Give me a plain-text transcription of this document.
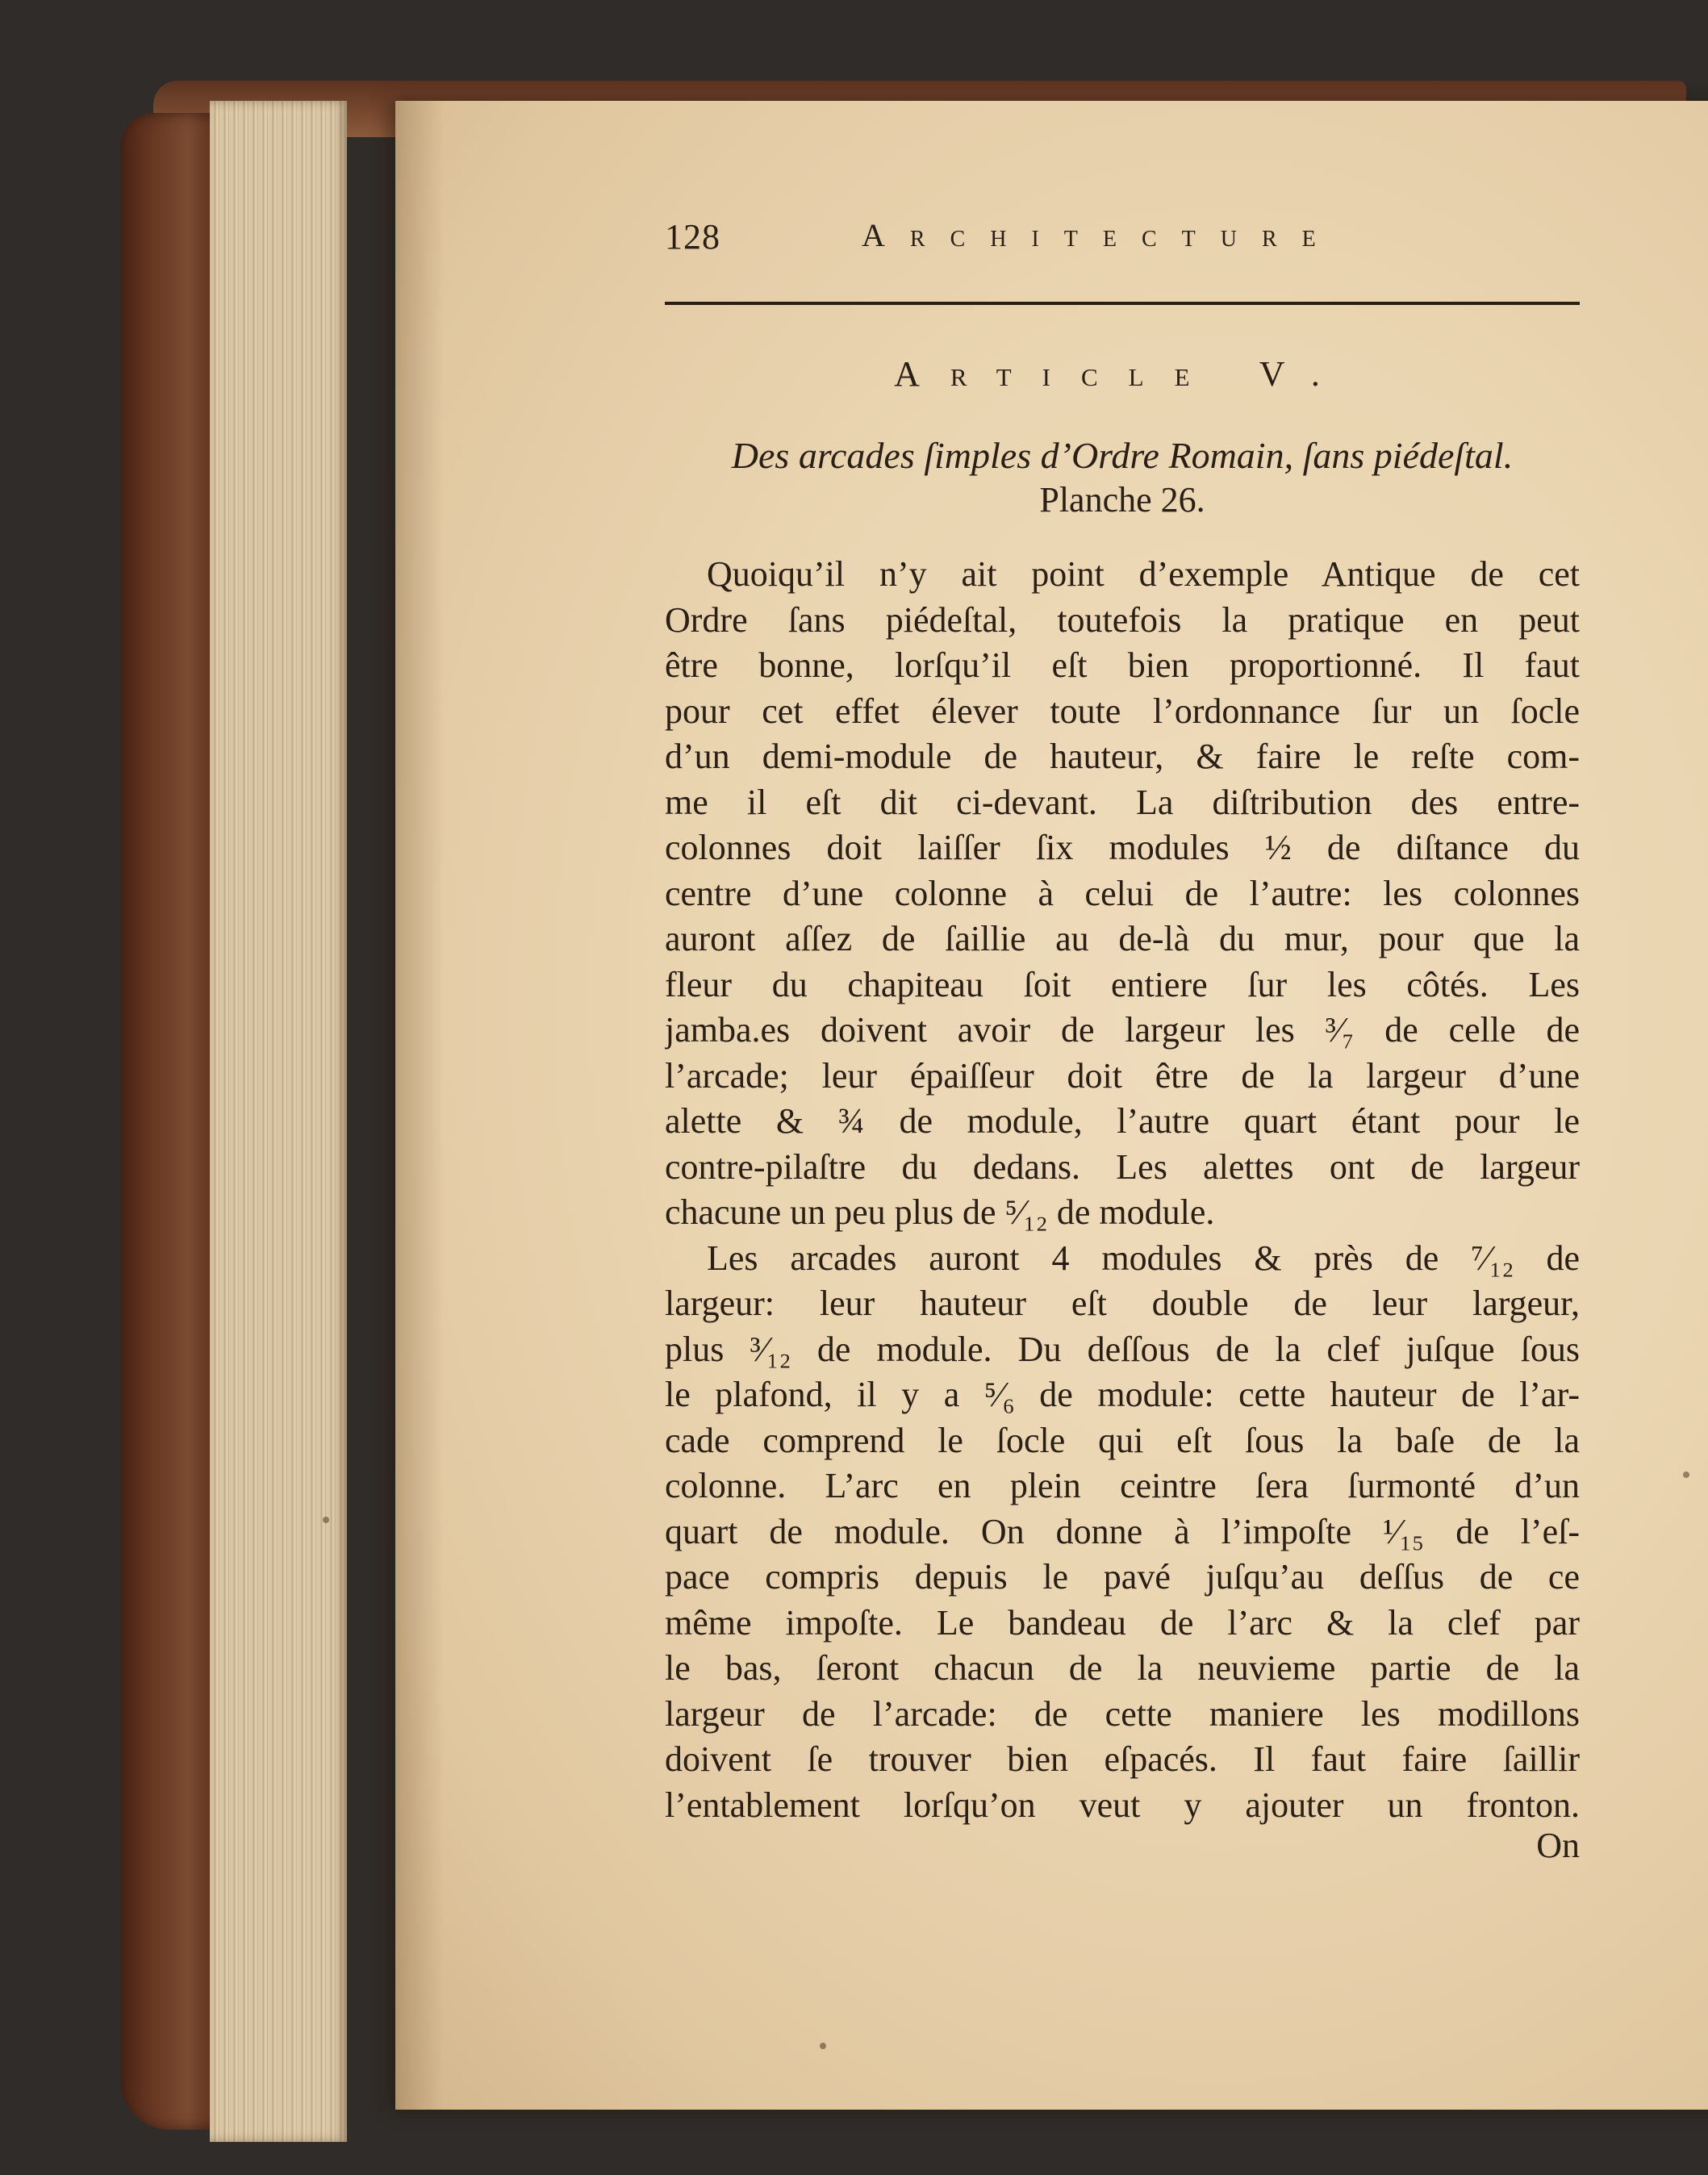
128	Architecture
Article V.
Des arcades ſimples d’Ordre Romain, ſans piédeſtal.
Planche 26.
Quoiqu’il n’y ait point d’exemple Antique de cet
Ordre ſans piédeſtal, toutefois la pratique en peut
être bonne, lorſqu’il eſt bien proportionné. Il faut
pour cet effet élever toute l’ordonnance ſur un ſocle
d’un demi-module de hauteur, & faire le reſte com-
me il eſt dit ci-devant. La diſtribution des entre-
colonnes doit laiſſer ſix modules ½ de diſtance du
centre d’une colonne à celui de l’autre: les colonnes
auront aſſez de ſaillie au de-là du mur, pour que la
fleur du chapiteau ſoit entiere ſur les côtés. Les
jamba.es doivent avoir de largeur les ³⁄₇ de celle de
l’arcade; leur épaiſſeur doit être de la largeur d’une
alette & ¾ de module, l’autre quart étant pour le
contre-pilaſtre du dedans. Les alettes ont de largeur
chacune un peu plus de ⁵⁄₁₂ de module.
Les arcades auront 4 modules & près de ⁷⁄₁₂ de
largeur: leur hauteur eſt double de leur largeur,
plus ³⁄₁₂ de module. Du deſſous de la clef juſque ſous
le plafond, il y a ⁵⁄₆ de module: cette hauteur de l’ar-
cade comprend le ſocle qui eſt ſous la baſe de la
colonne. L’arc en plein ceintre ſera ſurmonté d’un
quart de module. On donne à l’impoſte ¹⁄₁₅ de l’eſ-
pace compris depuis le pavé juſqu’au deſſus de ce
même impoſte. Le bandeau de l’arc & la clef par
le bas, ſeront chacun de la neuvieme partie de la
largeur de l’arcade: de cette maniere les modillons
doivent ſe trouver bien eſpacés. Il faut faire ſaillir
l’entablement lorſqu’on veut y ajouter un fronton.
On
